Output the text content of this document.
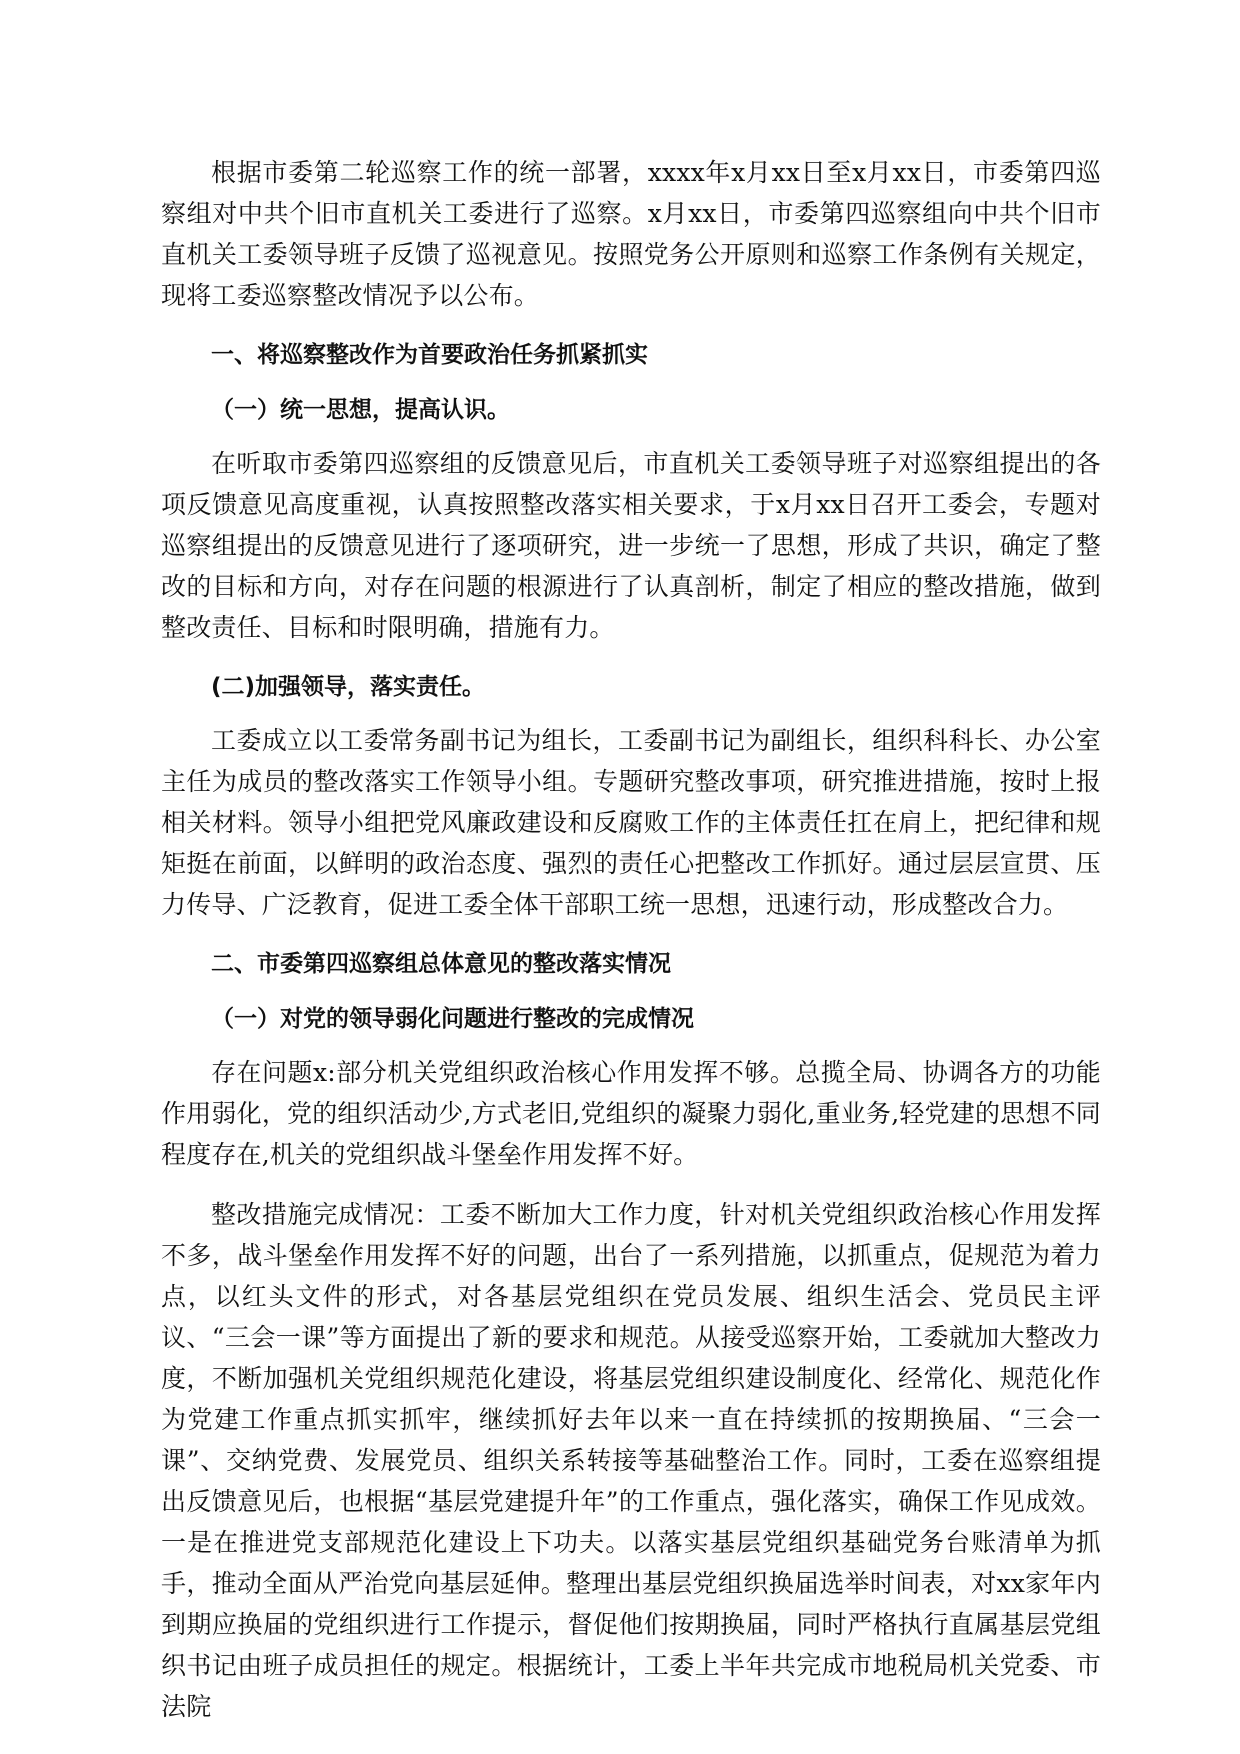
根据市委第二轮巡察工作的统一部署，xxxx年x月xx日至x月xx日，市委第四巡察组对中共个旧市直机关工委进行了巡察。x月xx日，市委第四巡察组向中共个旧市直机关工委领导班子反馈了巡视意见。按照党务公开原则和巡察工作条例有关规定，现将工委巡察整改情况予以公布。

一、将巡察整改作为首要政治任务抓紧抓实

（一）统一思想，提高认识。

在听取市委第四巡察组的反馈意见后，市直机关工委领导班子对巡察组提出的各项反馈意见高度重视，认真按照整改落实相关要求，于x月xx日召开工委会，专题对巡察组提出的反馈意见进行了逐项研究，进一步统一了思想，形成了共识，确定了整改的目标和方向，对存在问题的根源进行了认真剖析，制定了相应的整改措施，做到整改责任、目标和时限明确，措施有力。

(二)加强领导，落实责任。

工委成立以工委常务副书记为组长，工委副书记为副组长，组织科科长、办公室主任为成员的整改落实工作领导小组。专题研究整改事项，研究推进措施，按时上报相关材料。领导小组把党风廉政建设和反腐败工作的主体责任扛在肩上，把纪律和规矩挺在前面，以鲜明的政治态度、强烈的责任心把整改工作抓好。通过层层宣贯、压力传导、广泛教育，促进工委全体干部职工统一思想，迅速行动，形成整改合力。

二、市委第四巡察组总体意见的整改落实情况

（一）对党的领导弱化问题进行整改的完成情况

存在问题x:部分机关党组织政治核心作用发挥不够。总揽全局、协调各方的功能作用弱化，党的组织活动少,方式老旧,党组织的凝聚力弱化,重业务,轻党建的思想不同程度存在,机关的党组织战斗堡垒作用发挥不好。

整改措施完成情况：工委不断加大工作力度，针对机关党组织政治核心作用发挥不多，战斗堡垒作用发挥不好的问题，出台了一系列措施，以抓重点，促规范为着力点，以红头文件的形式，对各基层党组织在党员发展、组织生活会、党员民主评议、“三会一课”等方面提出了新的要求和规范。从接受巡察开始，工委就加大整改力度，不断加强机关党组织规范化建设，将基层党组织建设制度化、经常化、规范化作为党建工作重点抓实抓牢，继续抓好去年以来一直在持续抓的按期换届、“三会一课”、交纳党费、发展党员、组织关系转接等基础整治工作。同时，工委在巡察组提出反馈意见后，也根据“基层党建提升年”的工作重点，强化落实，确保工作见成效。一是在推进党支部规范化建设上下功夫。以落实基层党组织基础党务台账清单为抓手，推动全面从严治党向基层延伸。整理出基层党组织换届选举时间表，对xx家年内到期应换届的党组织进行工作提示，督促他们按期换届，同时严格执行直属基层党组织书记由班子成员担任的规定。根据统计，工委上半年共完成市地税局机关党委、市法院
